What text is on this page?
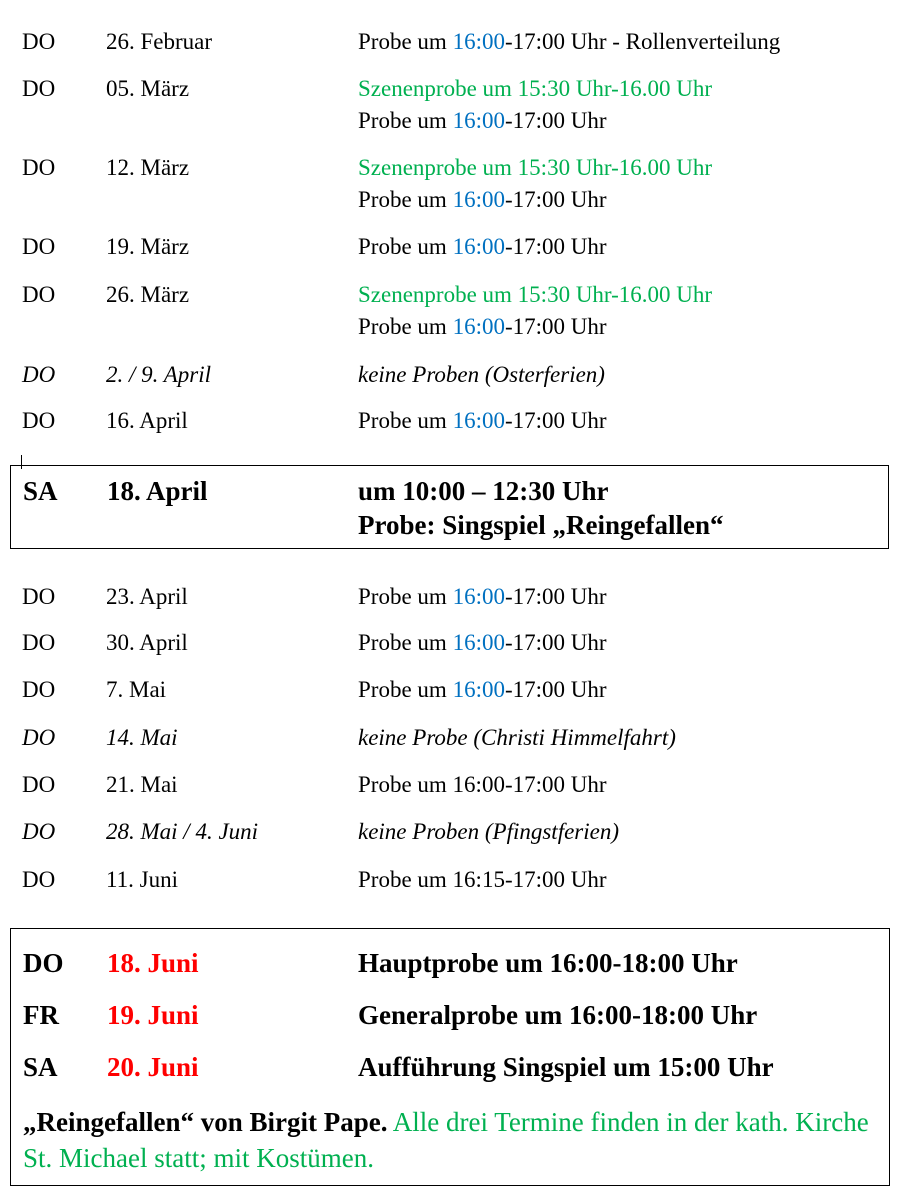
DO 26. Februar	Probe um 16:00-17:00 Uhr - Rollenverteilung
DO 05. März	Szenenprobe um 15:30 Uhr-16.00 Uhr
Probe um 16:00-17:00 Uhr
DO 12. März	Szenenprobe um 15:30 Uhr-16.00 Uhr
Probe um 16:00-17:00 Uhr
DO 19. März	Probe um 16:00-17:00 Uhr
DO 26. März	Szenenprobe um 15:30 Uhr-16.00 Uhr
Probe um 16:00-17:00 Uhr
DO 2. / 9. April	keine Proben (Osterferien)
DO 16. April	Probe um 16:00-17:00 Uhr
SA 18. April	um 10:00 – 12:30 Uhr
Probe: Singspiel „Reingefallen“
DO 23. April	Probe um 16:00-17:00 Uhr
DO 30. April	Probe um 16:00-17:00 Uhr
DO 7. Mai	Probe um 16:00-17:00 Uhr
DO 14. Mai	keine Probe (Christi Himmelfahrt)
DO 21. Mai	Probe um 16:00-17:00 Uhr
DO 28. Mai / 4. Juni	keine Proben (Pfingstferien)
DO 11. Juni	Probe um 16:15-17:00 Uhr
DO 18. Juni	Hauptprobe um 16:00-18:00 Uhr
FR 19. Juni	Generalprobe um 16:00-18:00 Uhr
SA 20. Juni	Aufführung Singspiel um 15:00 Uhr
„Reingefallen“ von Birgit Pape. Alle drei Termine finden in der kath. Kirche St. Michael statt; mit Kostümen.
